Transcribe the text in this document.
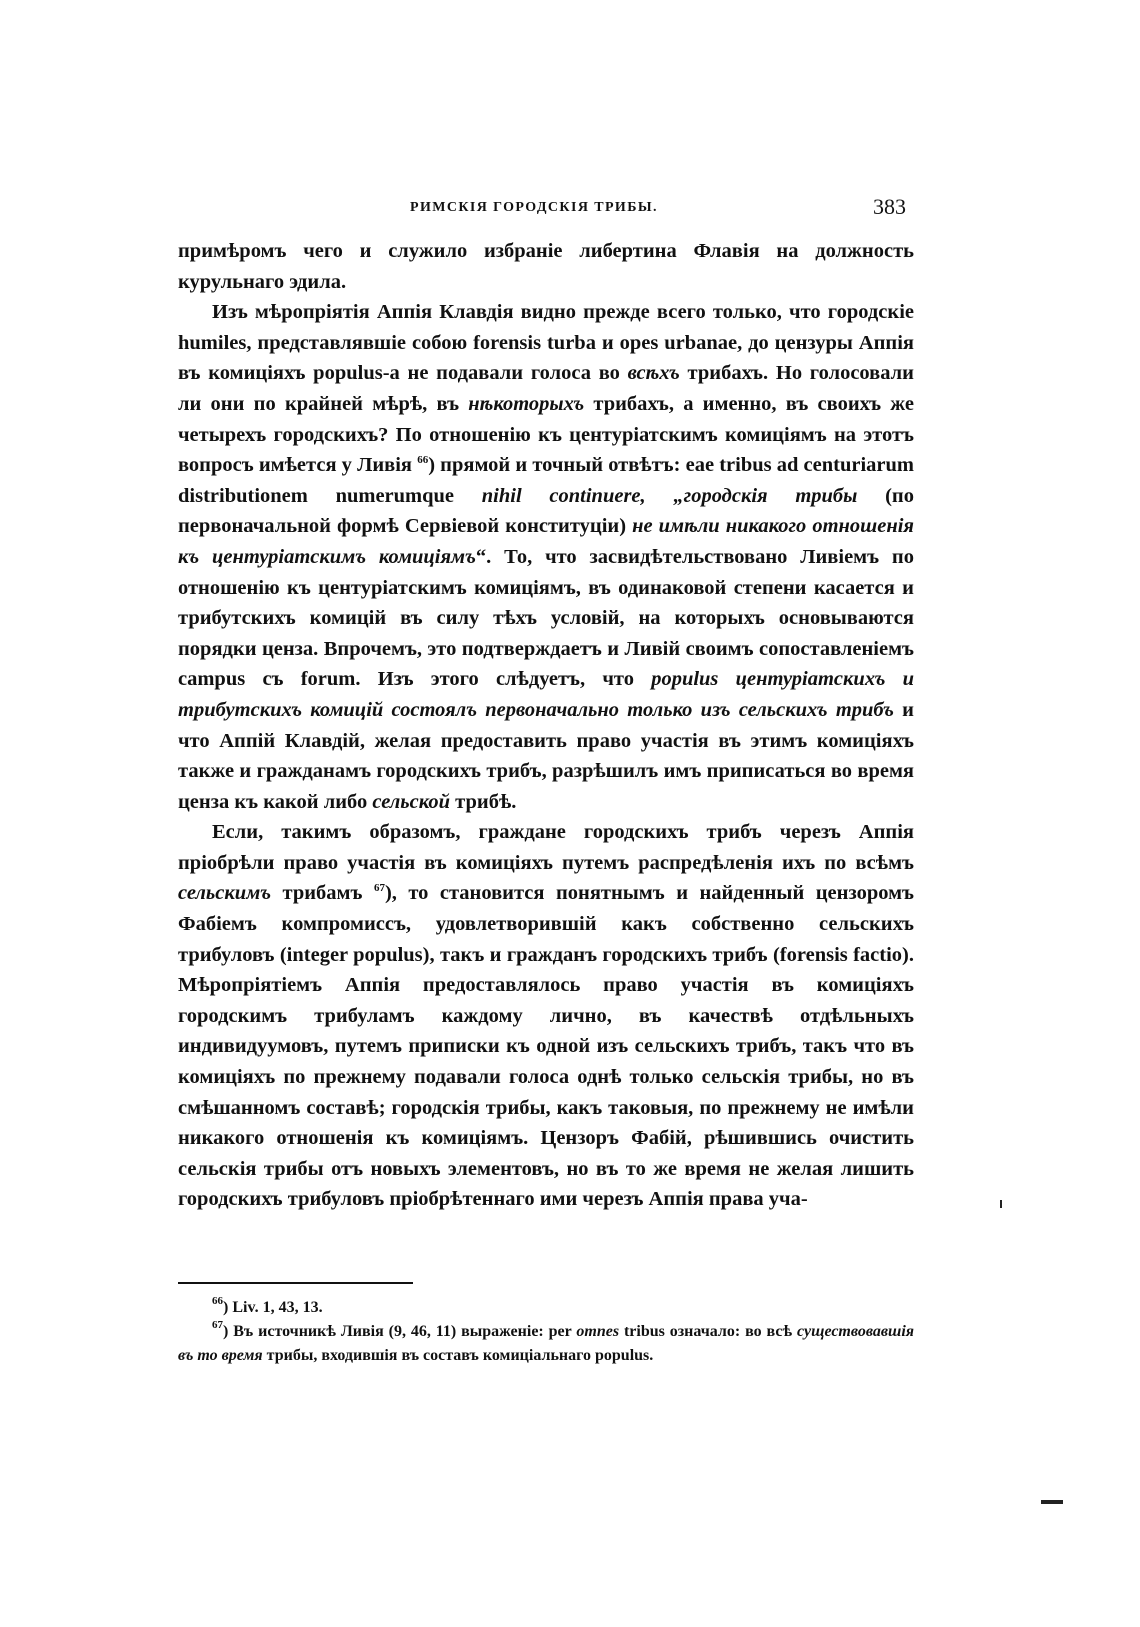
РИМСКІЯ ГОРОДСКІЯ ТРИБЫ.	383

примѣромъ чего и служило избраніе либертина Флавія на должность курульнаго эдила.

Изъ мѣропріятія Аппія Клавдія видно прежде всего только, что городскіе humiles, представлявшіе собою forensis turba и opes urbanae, до цензуры Аппія въ комиціяхъ populus-а не подавали голоса во всѣхъ трибахъ. Но голосовали ли они по крайней мѣрѣ, въ нѣкоторыхъ трибахъ, а именно, въ своихъ же четырехъ городскихъ? По отношенію къ центуріатскимъ комиціямъ на этотъ вопросъ имѣется у Ливія $^{66}$) прямой и точный отвѣтъ: eae tribus ad centuriarum distributionem numerumque nihil continuere, „городскія трибы (по первоначальной формѣ Сервіевой конституціи) не имѣли никакого отношенія къ центуріатскимъ комиціямъ“. То, что засвидѣтельствовано Ливіемъ по отношенію къ центуріатскимъ комиціямъ, въ одинаковой степени касается и трибутскихъ комицій въ силу тѣхъ условій, на которыхъ основываются порядки ценза. Впрочемъ, это подтверждаетъ и Ливій своимъ сопоставленіемъ campus съ forum. Изъ этого слѣдуетъ, что populus центуріатскихъ и трибутскихъ комицій состоялъ первоначально только изъ сельскихъ трибъ и что Аппій Клавдій, желая предоставить право участія въ этимъ комиціяхъ также и гражданамъ городскихъ трибъ, разрѣшилъ имъ приписаться во время ценза къ какой либо сельской трибѣ.

Если, такимъ образомъ, граждане городскихъ трибъ черезъ Аппія пріобрѣли право участія въ комиціяхъ путемъ распредѣленія ихъ по всѣмъ сельскимъ трибамъ $^{67}$), то становится понятнымъ и найденный цензоромъ Фабіемъ компромиссъ, удовлетворившій какъ собственно сельскихъ трибуловъ (integer populus), такъ и гражданъ городскихъ трибъ (forensis factio). Мѣропріятіемъ Аппія предоставлялось право участія въ комиціяхъ городскимъ трибуламъ каждому лично, въ качествѣ отдѣльныхъ индивидуумовъ, путемъ приписки къ одной изъ сельскихъ трибъ, такъ что въ комиціяхъ по прежнему подавали голоса однѣ только сельскія трибы, но въ смѣшанномъ составѣ; городскія трибы, какъ таковыя, по прежнему не имѣли никакого отношенія къ комиціямъ. Цензоръ Фабій, рѣшившись очистить сельскія трибы отъ новыхъ элементовъ, но въ то же время не желая лишить городскихъ трибуловъ пріобрѣтеннаго ими черезъ Аппія права уча-

$^{66}$) Liv. 1, 43, 13.

$^{67}$) Въ источникѣ Ливія (9, 46, 11) выраженіе: per omnes tribus означало: во всѣ существовавшія въ то время трибы, входившія въ составъ комиціальнаго populus.
